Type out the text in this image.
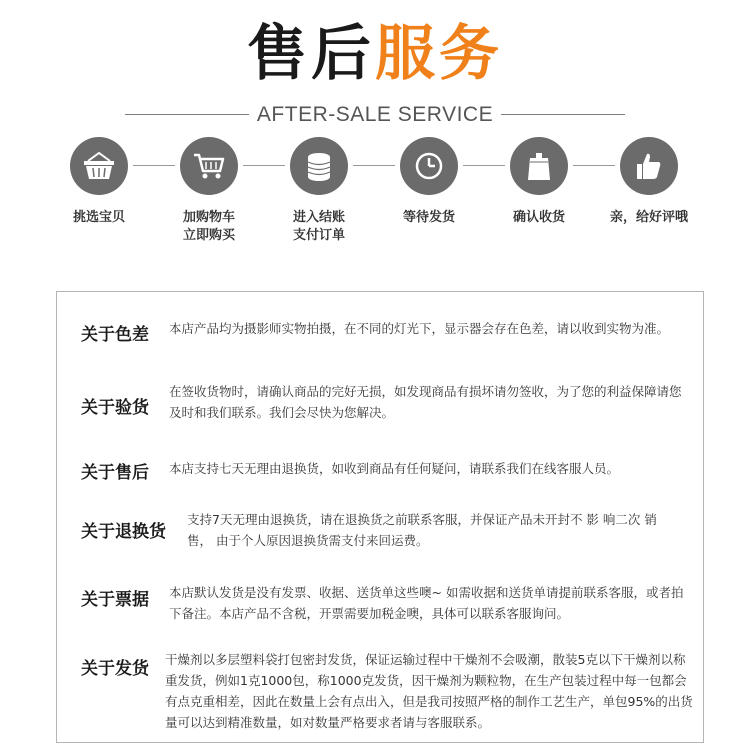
售后服务
AFTER-SALE SERVICE
挑选宝贝	加购物车
立即购买
进入结账
支付订单
等待发货	确认收货	亲，给好评哦
关于色差 本店产品均为摄影师实物拍摄，在不同的灯光下，显示器会存在色差，请以收到实物为准。
关于验货
在签收货物时，请确认商品的完好无损，如发现商品有损坏请勿签收，为了您的利益保障请您及时和我们联系。我们会尽快为您解决。
关于售后 本店支持七天无理由退换货，如收到商品有任何疑问，请联系我们在线客服人员。
关于退换货
支持7天无理由退换货，请在退换货之前联系客服，并保证产品未开封不 影 响二次 销售， 由于个人原因退换货需支付来回运费。
关于票据 本店默认发货是没有发票、收据、送货单这些噢~ 如需收据和送货单请提前联系客服，或者拍下备注。本店产品不含税，开票需要加税金噢，具体可以联系客服询问。
关于发货 干燥剂以多层塑料袋打包密封发货，保证运输过程中干燥剂不会吸潮，散装5克以下干燥剂以称重发货，例如1克1000包，称1000克发货，因干燥剂为颗粒物，在生产包装过程中每一包都会有点克重相差，因此在数量上会有点出入，但是我司按照严格的制作工艺生产，单包95%的出货量可以达到精准数量，如对数量严格要求者请与客服联系。
